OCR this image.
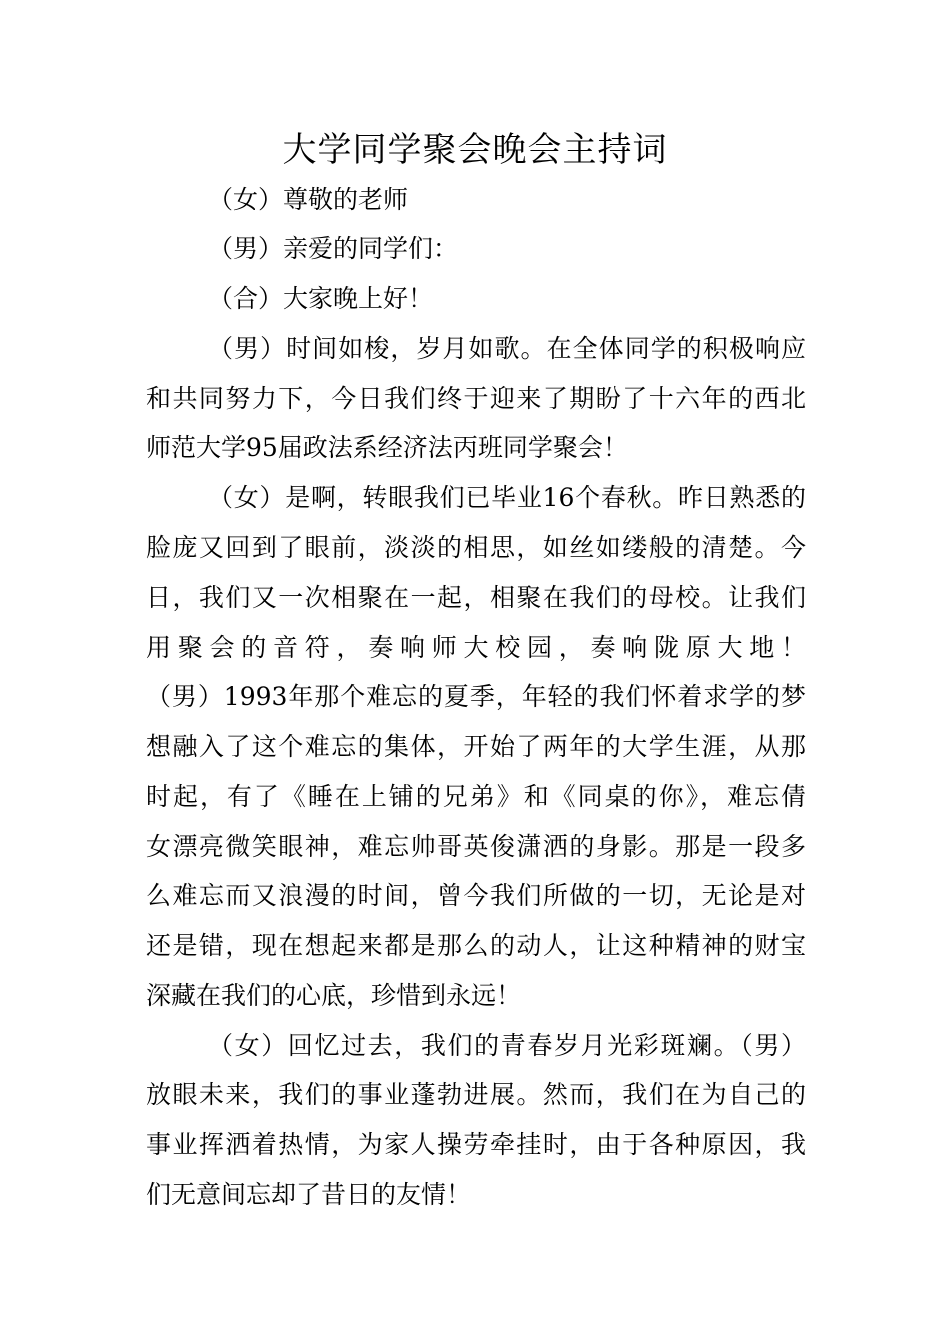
大学同学聚会晚会主持词
（女）尊敬的老师
（男）亲爱的同学们：
（合）大家晚上好！
（男）时间如梭，岁月如歌。在全体同学的积极响应
和共同努力下，今日我们终于迎来了期盼了十六年的西北
师范大学95届政法系经济法丙班同学聚会！
（女）是啊，转眼我们已毕业16个春秋。昨日熟悉的
脸庞又回到了眼前，淡淡的相思，如丝如缕般的清楚。今
日，我们又一次相聚在一起，相聚在我们的母校。让我们
用聚会的音符，奏响师大校园，奏响陇原大地！
（男）1993年那个难忘的夏季，年轻的我们怀着求学的梦
想融入了这个难忘的集体，开始了两年的大学生涯，从那
时起，有了《睡在上铺的兄弟》和《同桌的你》，难忘倩
女漂亮微笑眼神，难忘帅哥英俊潇洒的身影。那是一段多
么难忘而又浪漫的时间，曾今我们所做的一切，无论是对
还是错，现在想起来都是那么的动人，让这种精神的财宝
深藏在我们的心底，珍惜到永远！
（女）回忆过去，我们的青春岁月光彩斑斓。（男）
放眼未来，我们的事业蓬勃进展。然而，我们在为自己的
事业挥洒着热情，为家人操劳牵挂时，由于各种原因，我
们无意间忘却了昔日的友情！
